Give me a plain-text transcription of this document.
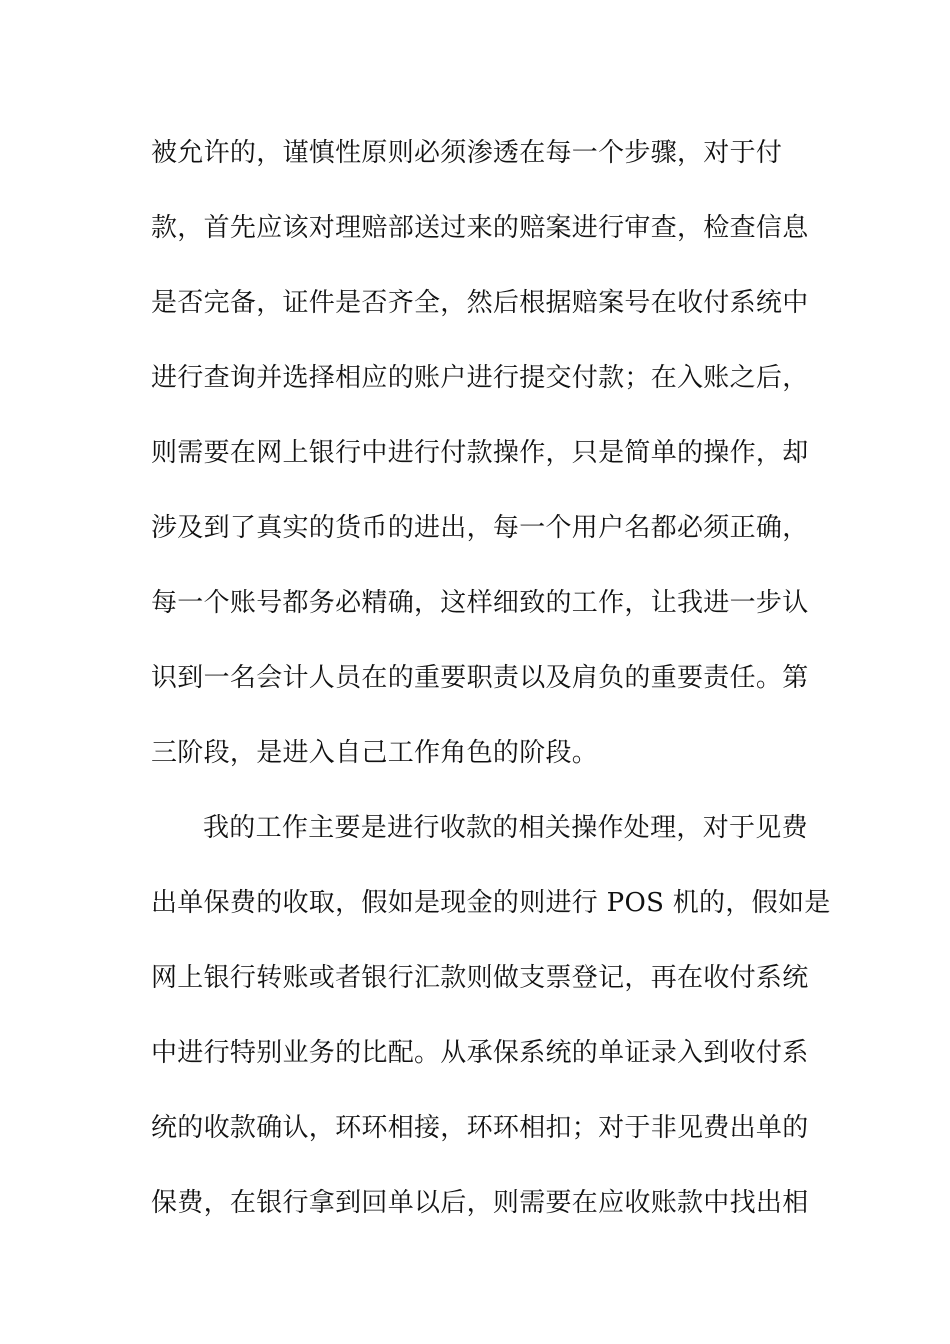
被允许的，谨慎性原则必须渗透在每一个步骤，对于付
款，首先应该对理赔部送过来的赔案进行审查，检查信息
是否完备，证件是否齐全，然后根据赔案号在收付系统中
进行查询并选择相应的账户进行提交付款；在入账之后，
则需要在网上银行中进行付款操作，只是简单的操作，却
涉及到了真实的货币的进出，每一个用户名都必须正确，
每一个账号都务必精确，这样细致的工作，让我进一步认
识到一名会计人员在的重要职责以及肩负的重要责任。第
三阶段，是进入自己工作角色的阶段。
我的工作主要是进行收款的相关操作处理，对于见费
出单保费的收取，假如是现金的则进行 POS 机的，假如是
网上银行转账或者银行汇款则做支票登记，再在收付系统
中进行特别业务的比配。从承保系统的单证录入到收付系
统的收款确认，环环相接，环环相扣；对于非见费出单的
保费，在银行拿到回单以后，则需要在应收账款中找出相
